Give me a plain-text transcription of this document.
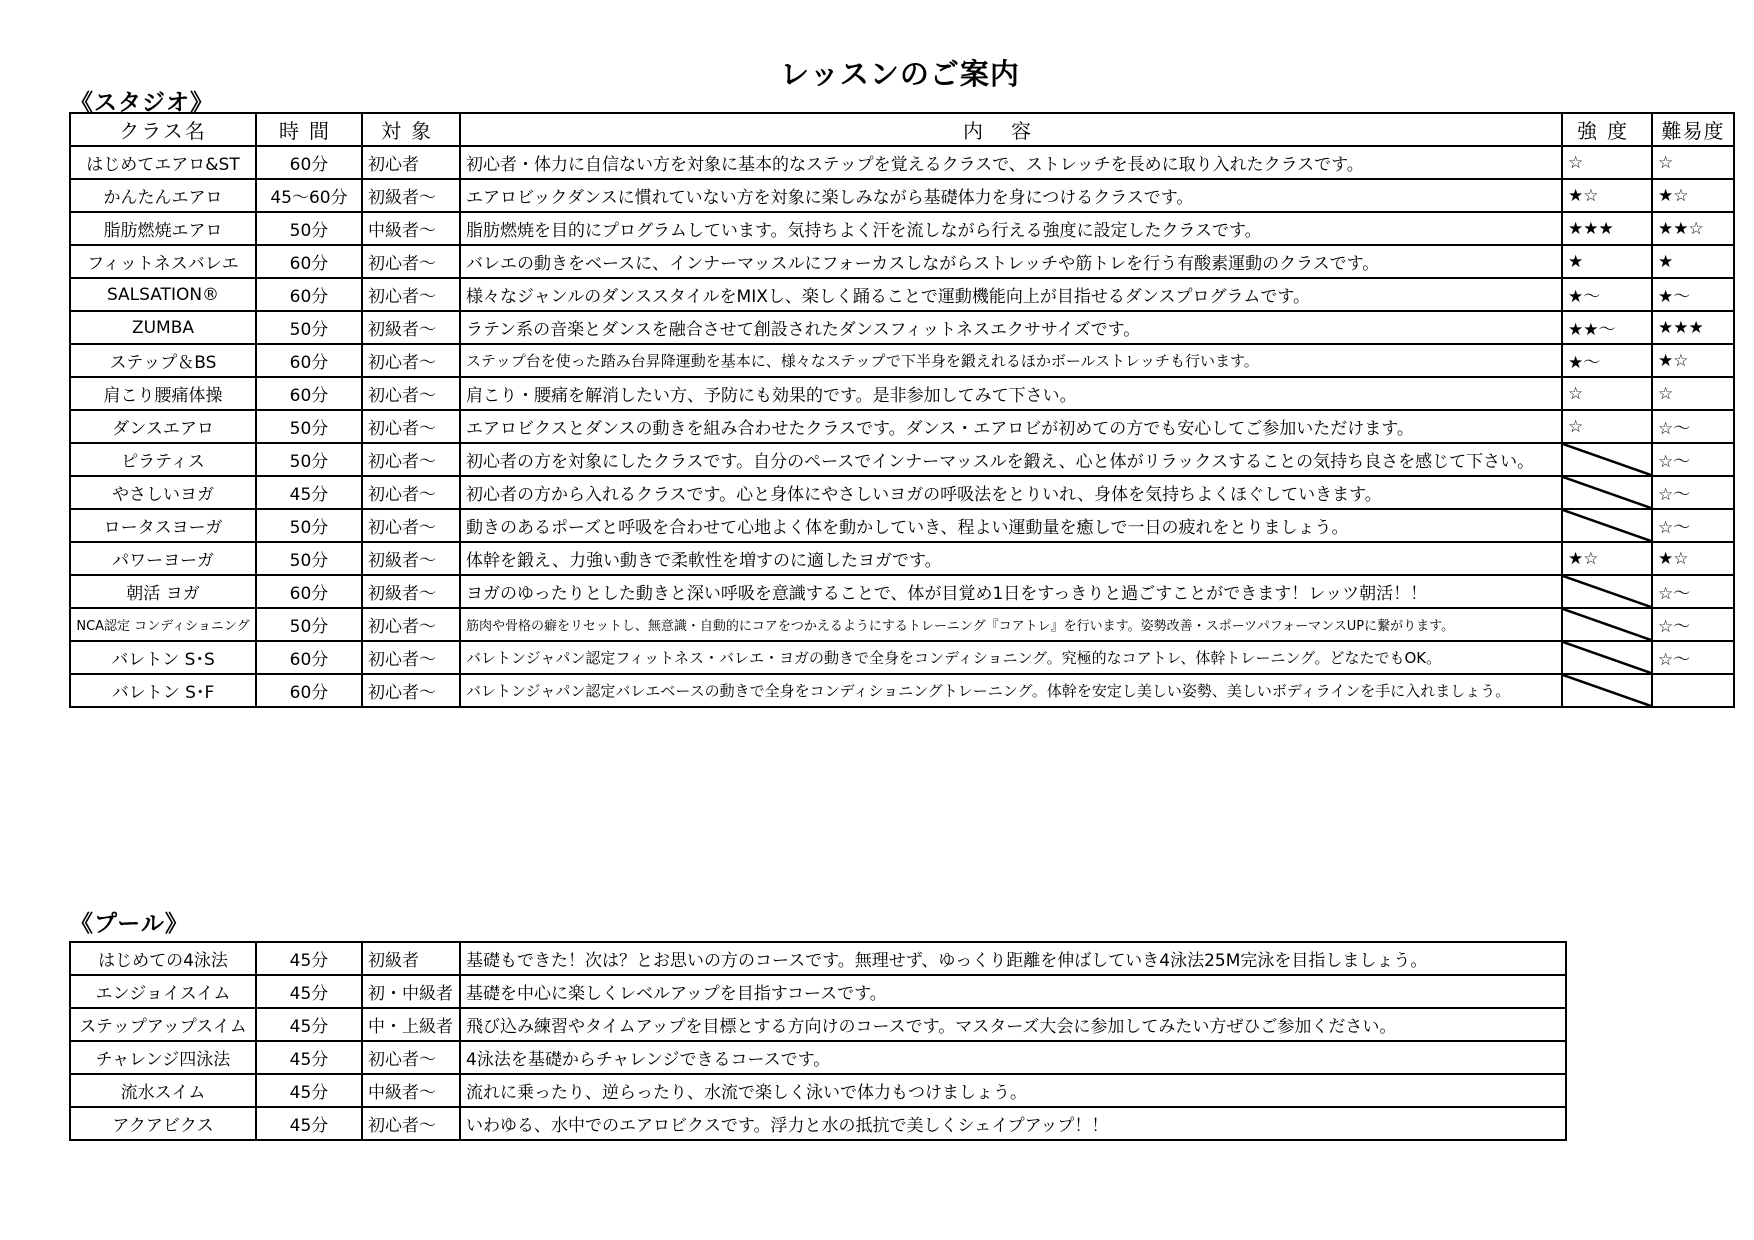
レッスンのご案内
《スタジオ》
クラス名	時間	対象	内容	強度	難易度
はじめてエアロ&ST	60分	初心者	初心者・体力に自信ない方を対象に基本的なステップを覚えるクラスで、ストレッチを長めに取り入れたクラスです。	☆	☆
かんたんエアロ	45～60分	初級者～	エアロビックダンスに慣れていない方を対象に楽しみながら基礎体力を身につけるクラスです。	★☆	★☆
脂肪燃焼エアロ	50分	中級者～	脂肪燃焼を目的にプログラムしています。気持ちよく汗を流しながら行える強度に設定したクラスです。	★★★	★★☆
フィットネスバレエ	60分	初心者～	バレエの動きをベースに、インナーマッスルにフォーカスしながらストレッチや筋トレを行う有酸素運動のクラスです。	★	★
SALSATION®	60分	初心者～	様々なジャンルのダンススタイルをMIXし、楽しく踊ることで運動機能向上が目指せるダンスプログラムです。	★～	★～
ZUMBA	50分	初級者～	ラテン系の音楽とダンスを融合させて創設されたダンスフィットネスエクササイズです。	★★～	★★★
ステップ＆BS	60分	初心者～	ステップ台を使った踏み台昇降運動を基本に、様々なステップで下半身を鍛えれるほかボールストレッチも行います。	★～	★☆
肩こり腰痛体操	60分	初心者～	肩こり・腰痛を解消したい方、予防にも効果的です。是非参加してみて下さい。	☆	☆
ダンスエアロ	50分	初心者～	エアロビクスとダンスの動きを組み合わせたクラスです。ダンス・エアロビが初めての方でも安心してご参加いただけます。	☆	☆～
ピラティス	50分	初心者～	初心者の方を対象にしたクラスです。自分のペースでインナーマッスルを鍛え、心と体がリラックスすることの気持ち良さを感じて下さい。		☆～
やさしいヨガ	45分	初心者～	初心者の方から入れるクラスです。心と身体にやさしいヨガの呼吸法をとりいれ、身体を気持ちよくほぐしていきます。		☆～
ロータスヨーガ	50分	初心者～	動きのあるポーズと呼吸を合わせて心地よく体を動かしていき、程よい運動量を癒しで一日の疲れをとりましょう。		☆～
パワーヨーガ	50分	初級者～	体幹を鍛え、力強い動きで柔軟性を増すのに適したヨガです。	★☆	★☆
朝活 ヨガ	60分	初級者～	ヨガのゆったりとした動きと深い呼吸を意識することで、体が目覚め1日をすっきりと過ごすことができます！レッツ朝活！！		☆～
NCA認定 コンディショニング	50分	初心者～	筋肉や骨格の癖をリセットし、無意識・自動的にコアをつかえるようにするトレーニング『コアトレ』を行います。姿勢改善・スポーツパフォーマンスUPに繋がります。		☆～
バレトン S･S	60分	初心者～	バレトンジャパン認定フィットネス・バレエ・ヨガの動きで全身をコンディショニング。究極的なコアトレ、体幹トレーニング。どなたでもOK。		☆～
バレトン S･F	60分	初心者～	バレトンジャパン認定バレエベースの動きで全身をコンディショニングトレーニング。体幹を安定し美しい姿勢、美しいボディラインを手に入れましょう。		
《プール》
はじめての4泳法	45分	初級者	基礎もできた！次は？とお思いの方のコースです。無理せず、ゆっくり距離を伸ばしていき4泳法25M完泳を目指しましょう。
エンジョイスイム	45分	初・中級者	基礎を中心に楽しくレベルアップを目指すコースです。
ステップアップスイム	45分	中・上級者	飛び込み練習やタイムアップを目標とする方向けのコースです。マスターズ大会に参加してみたい方ぜひご参加ください。
チャレンジ四泳法	45分	初心者～	4泳法を基礎からチャレンジできるコースです。
流水スイム	45分	中級者～	流れに乗ったり、逆らったり、水流で楽しく泳いで体力もつけましょう。
アクアビクス	45分	初心者～	いわゆる、水中でのエアロビクスです。浮力と水の抵抗で美しくシェイプアップ！！
